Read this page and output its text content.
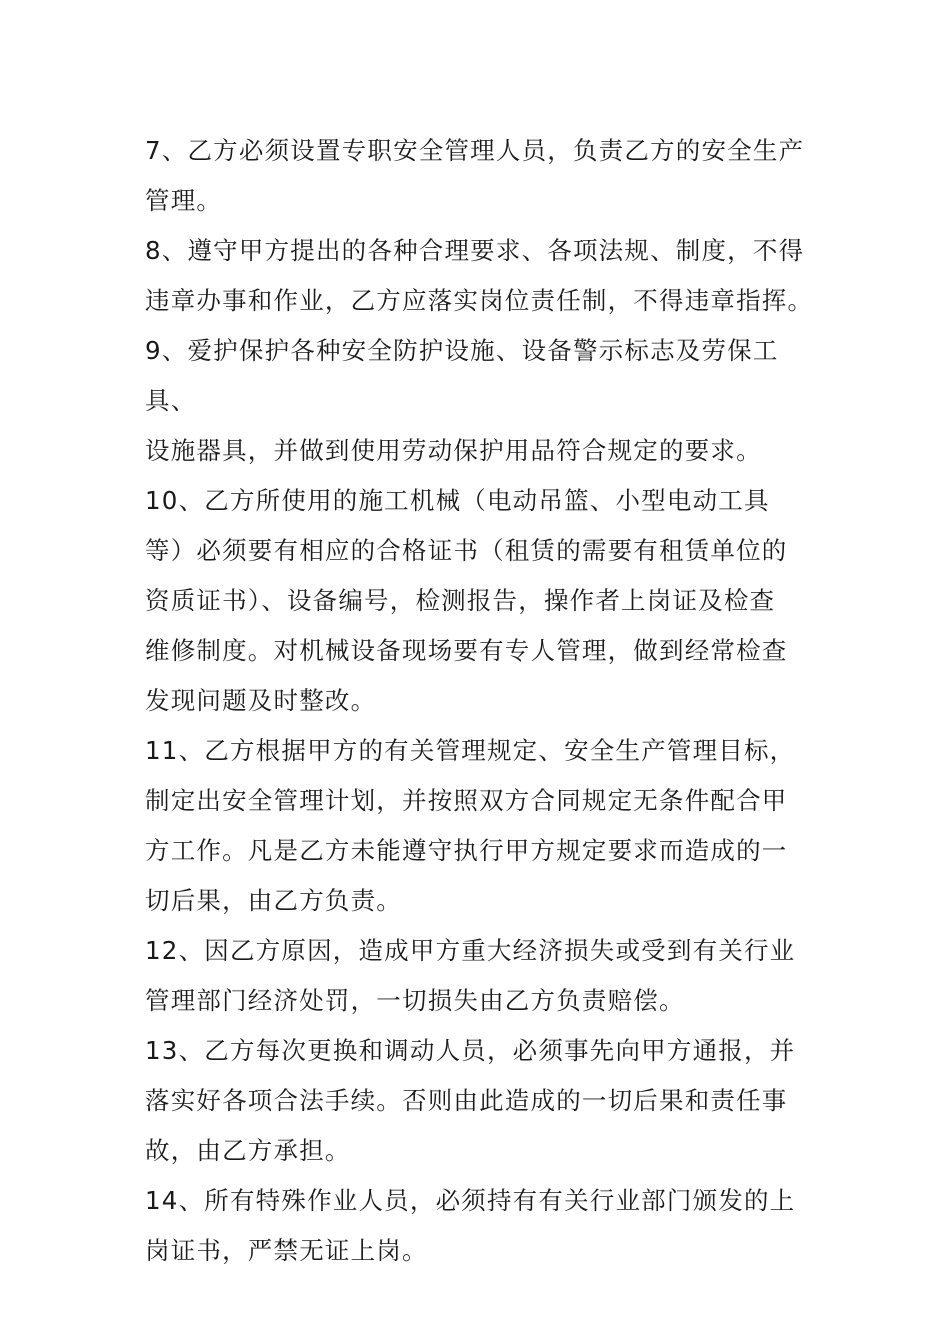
7、乙方必须设置专职安全管理人员，负责乙方的安全生产
管理。
8、遵守甲方提出的各种合理要求、各项法规、制度，不得
违章办事和作业，乙方应落实岗位责任制，不得违章指挥。
9、爱护保护各种安全防护设施、设备警示标志及劳保工具、
设施器具，并做到使用劳动保护用品符合规定的要求。
10、乙方所使用的施工机械（电动吊篮、小型电动工具
等）必须要有相应的合格证书（租赁的需要有租赁单位的
资质证书）、设备编号，检测报告，操作者上岗证及检查
维修制度。对机械设备现场要有专人管理，做到经常检查
发现问题及时整改。
11、乙方根据甲方的有关管理规定、安全生产管理目标，
制定出安全管理计划，并按照双方合同规定无条件配合甲
方工作。凡是乙方未能遵守执行甲方规定要求而造成的一
切后果，由乙方负责。
12、因乙方原因，造成甲方重大经济损失或受到有关行业
管理部门经济处罚，一切损失由乙方负责赔偿。
13、乙方每次更换和调动人员，必须事先向甲方通报，并
落实好各项合法手续。否则由此造成的一切后果和责任事
故，由乙方承担。
14、所有特殊作业人员，必须持有有关行业部门颁发的上
岗证书，严禁无证上岗。
